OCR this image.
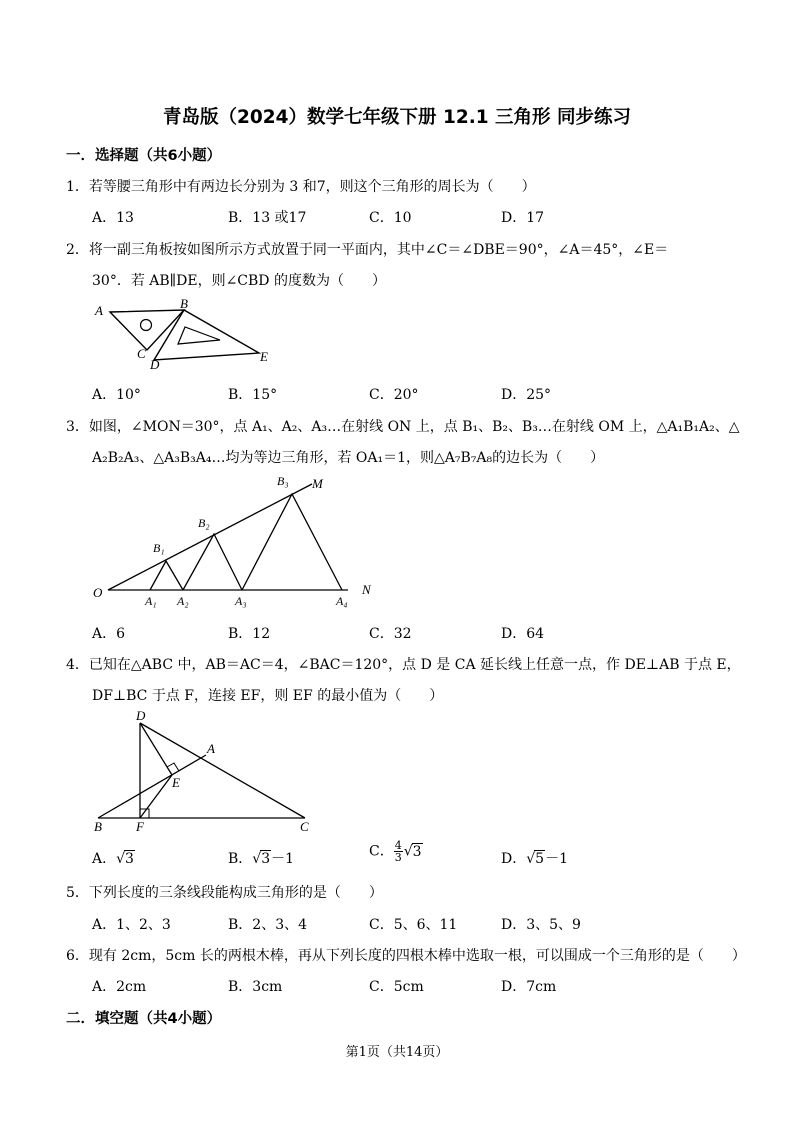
青岛版（2024）数学七年级下册 12.1 三角形 同步练习
一．选择题（共6小题）
1．若等腰三角形中有两边长分别为 3 和7，则这个三角形的周长为（　　）
A．13	B．13 或17	C．10	D．17
2．将一副三角板按如图所示方式放置于同一平面内，其中∠C＝∠DBE＝90°，∠A＝45°，∠E＝
30°．若 AB∥DE，则∠CBD 的度数为（　　）
A	B
C
D
E
A．10°	B．15°	C．20°	D．25°
3．如图，∠MON＝30°，点 A₁、A₂、A₃…在射线 ON 上，点 B₁、B₂、B₃…在射线 OM 上，△A₁B₁A₂、△
A₂B₂A₃、△A₃B₃A₄…均为等边三角形，若 OA₁＝1，则△A₇B₇A₈的边长为（　　）
O
M
N
B₁
B₂
B₃
A₁ A₂	A₃	A₄
A．6	B．12	C．32	D．64
4．已知在△ABC 中，AB＝AC＝4，∠BAC＝120°，点 D 是 CA 延长线上任意一点，作 DE⊥AB 于点 E，
DF⊥BC 于点 F，连接 EF，则 EF 的最小值为（　　）
D
A
E
B	F	C
A．√3	B．√3－1	C． $\frac{4}{3} √3$	D．√5－1
5．下列长度的三条线段能构成三角形的是（　　）
A．1、2、3	B．2、3、4	C．5、6、11	D．3、5、9
6．现有 2cm，5cm 长的两根木棒，再从下列长度的四根木棒中选取一根，可以围成一个三角形的是（　　）
A．2cm	B．3cm	C．5cm	D．7cm
二．填空题（共4小题）
第1页（共14页）
